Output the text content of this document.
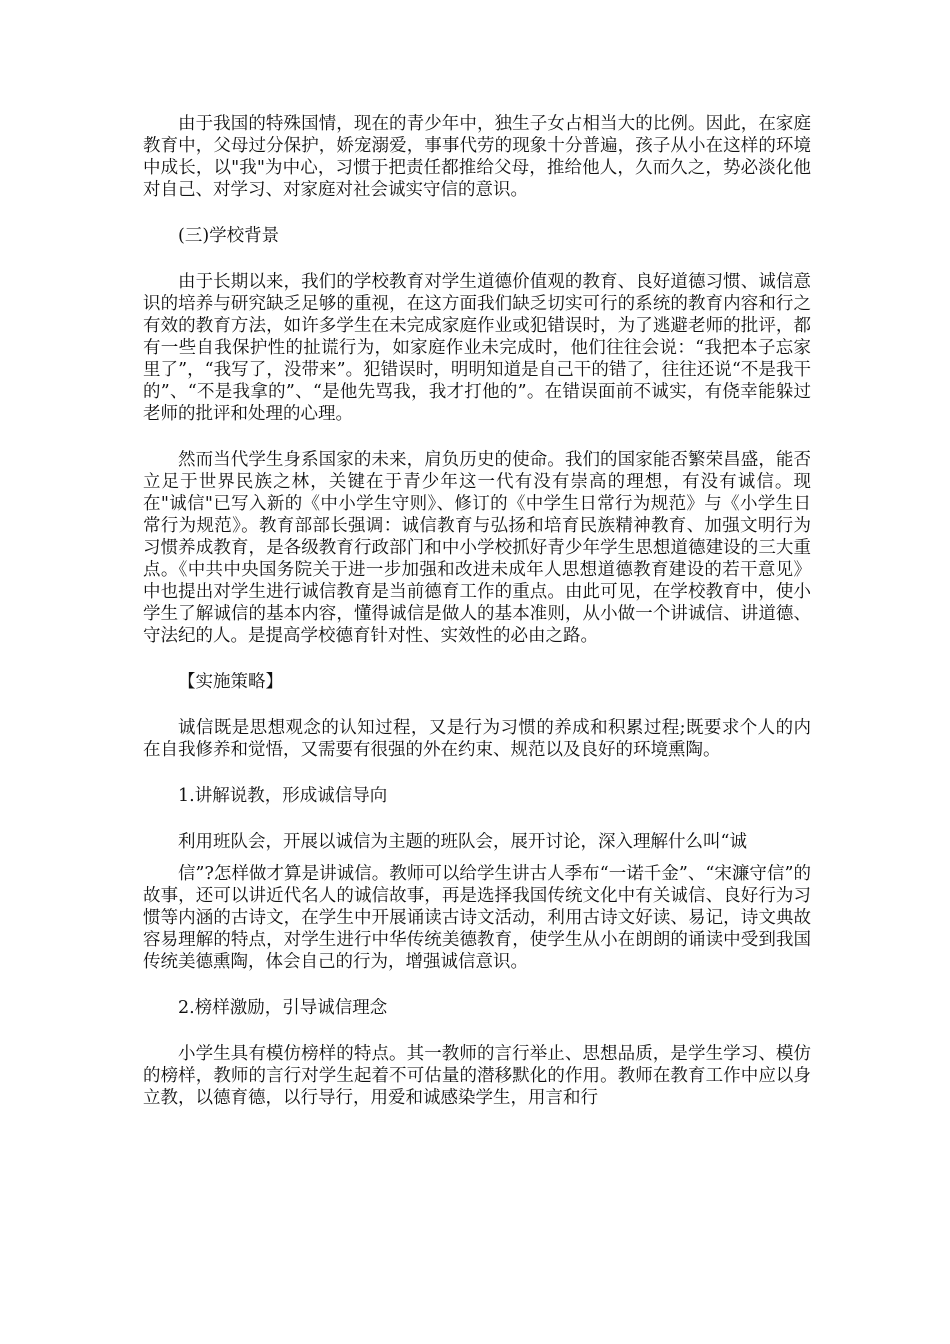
由于我国的特殊国情，现在的青少年中，独生子女占相当大的比例。因此，在家庭教育中，父母过分保护，娇宠溺爱，事事代劳的现象十分普遍，孩子从小在这样的环境中成长，以"我"为中心，习惯于把责任都推给父母，推给他人，久而久之，势必淡化他对自己、对学习、对家庭对社会诚实守信的意识。

(三)学校背景

由于长期以来，我们的学校教育对学生道德价值观的教育、良好道德习惯、诚信意识的培养与研究缺乏足够的重视，在这方面我们缺乏切实可行的系统的教育内容和行之有效的教育方法，如许多学生在未完成家庭作业或犯错误时，为了逃避老师的批评，都有一些自我保护性的扯谎行为，如家庭作业未完成时，他们往往会说：“我把本子忘家里了”，“我写了，没带来”。犯错误时，明明知道是自己干的错了，往往还说“不是我干的”、“不是我拿的”、“是他先骂我，我才打他的”。在错误面前不诚实，有侥幸能躲过老师的批评和处理的心理。

然而当代学生身系国家的未来，肩负历史的使命。我们的国家能否繁荣昌盛，能否立足于世界民族之林，关键在于青少年这一代有没有崇高的理想，有没有诚信。现在"诚信"已写入新的《中小学生守则》、修订的《中学生日常行为规范》与《小学生日常行为规范》。教育部部长强调：诚信教育与弘扬和培育民族精神教育、加强文明行为习惯养成教育，是各级教育行政部门和中小学校抓好青少年学生思想道德建设的三大重点。《中共中央国务院关于进一步加强和改进未成年人思想道德教育建设的若干意见》中也提出对学生进行诚信教育是当前德育工作的重点。由此可见，在学校教育中，使小学生了解诚信的基本内容，懂得诚信是做人的基本准则，从小做一个讲诚信、讲道德、守法纪的人。是提高学校德育针对性、实效性的必由之路。

【实施策略】

诚信既是思想观念的认知过程，又是行为习惯的养成和积累过程;既要求个人的内在自我修养和觉悟，又需要有很强的外在约束、规范以及良好的环境熏陶。

1.讲解说教，形成诚信导向

利用班队会，开展以诚信为主题的班队会，展开讨论，深入理解什么叫“诚

信”?怎样做才算是讲诚信。教师可以给学生讲古人季布“一诺千金”、“宋濂守信”的故事，还可以讲近代名人的诚信故事，再是选择我国传统文化中有关诚信、良好行为习惯等内涵的古诗文，在学生中开展诵读古诗文活动，利用古诗文好读、易记，诗文典故容易理解的特点，对学生进行中华传统美德教育，使学生从小在朗朗的诵读中受到我国传统美德熏陶，体会自己的行为，增强诚信意识。

2.榜样激励，引导诚信理念

小学生具有模仿榜样的特点。其一教师的言行举止、思想品质，是学生学习、模仿的榜样，教师的言行对学生起着不可估量的潜移默化的作用。教师在教育工作中应以身立教，以德育德，以行导行，用爱和诚感染学生，用言和行
